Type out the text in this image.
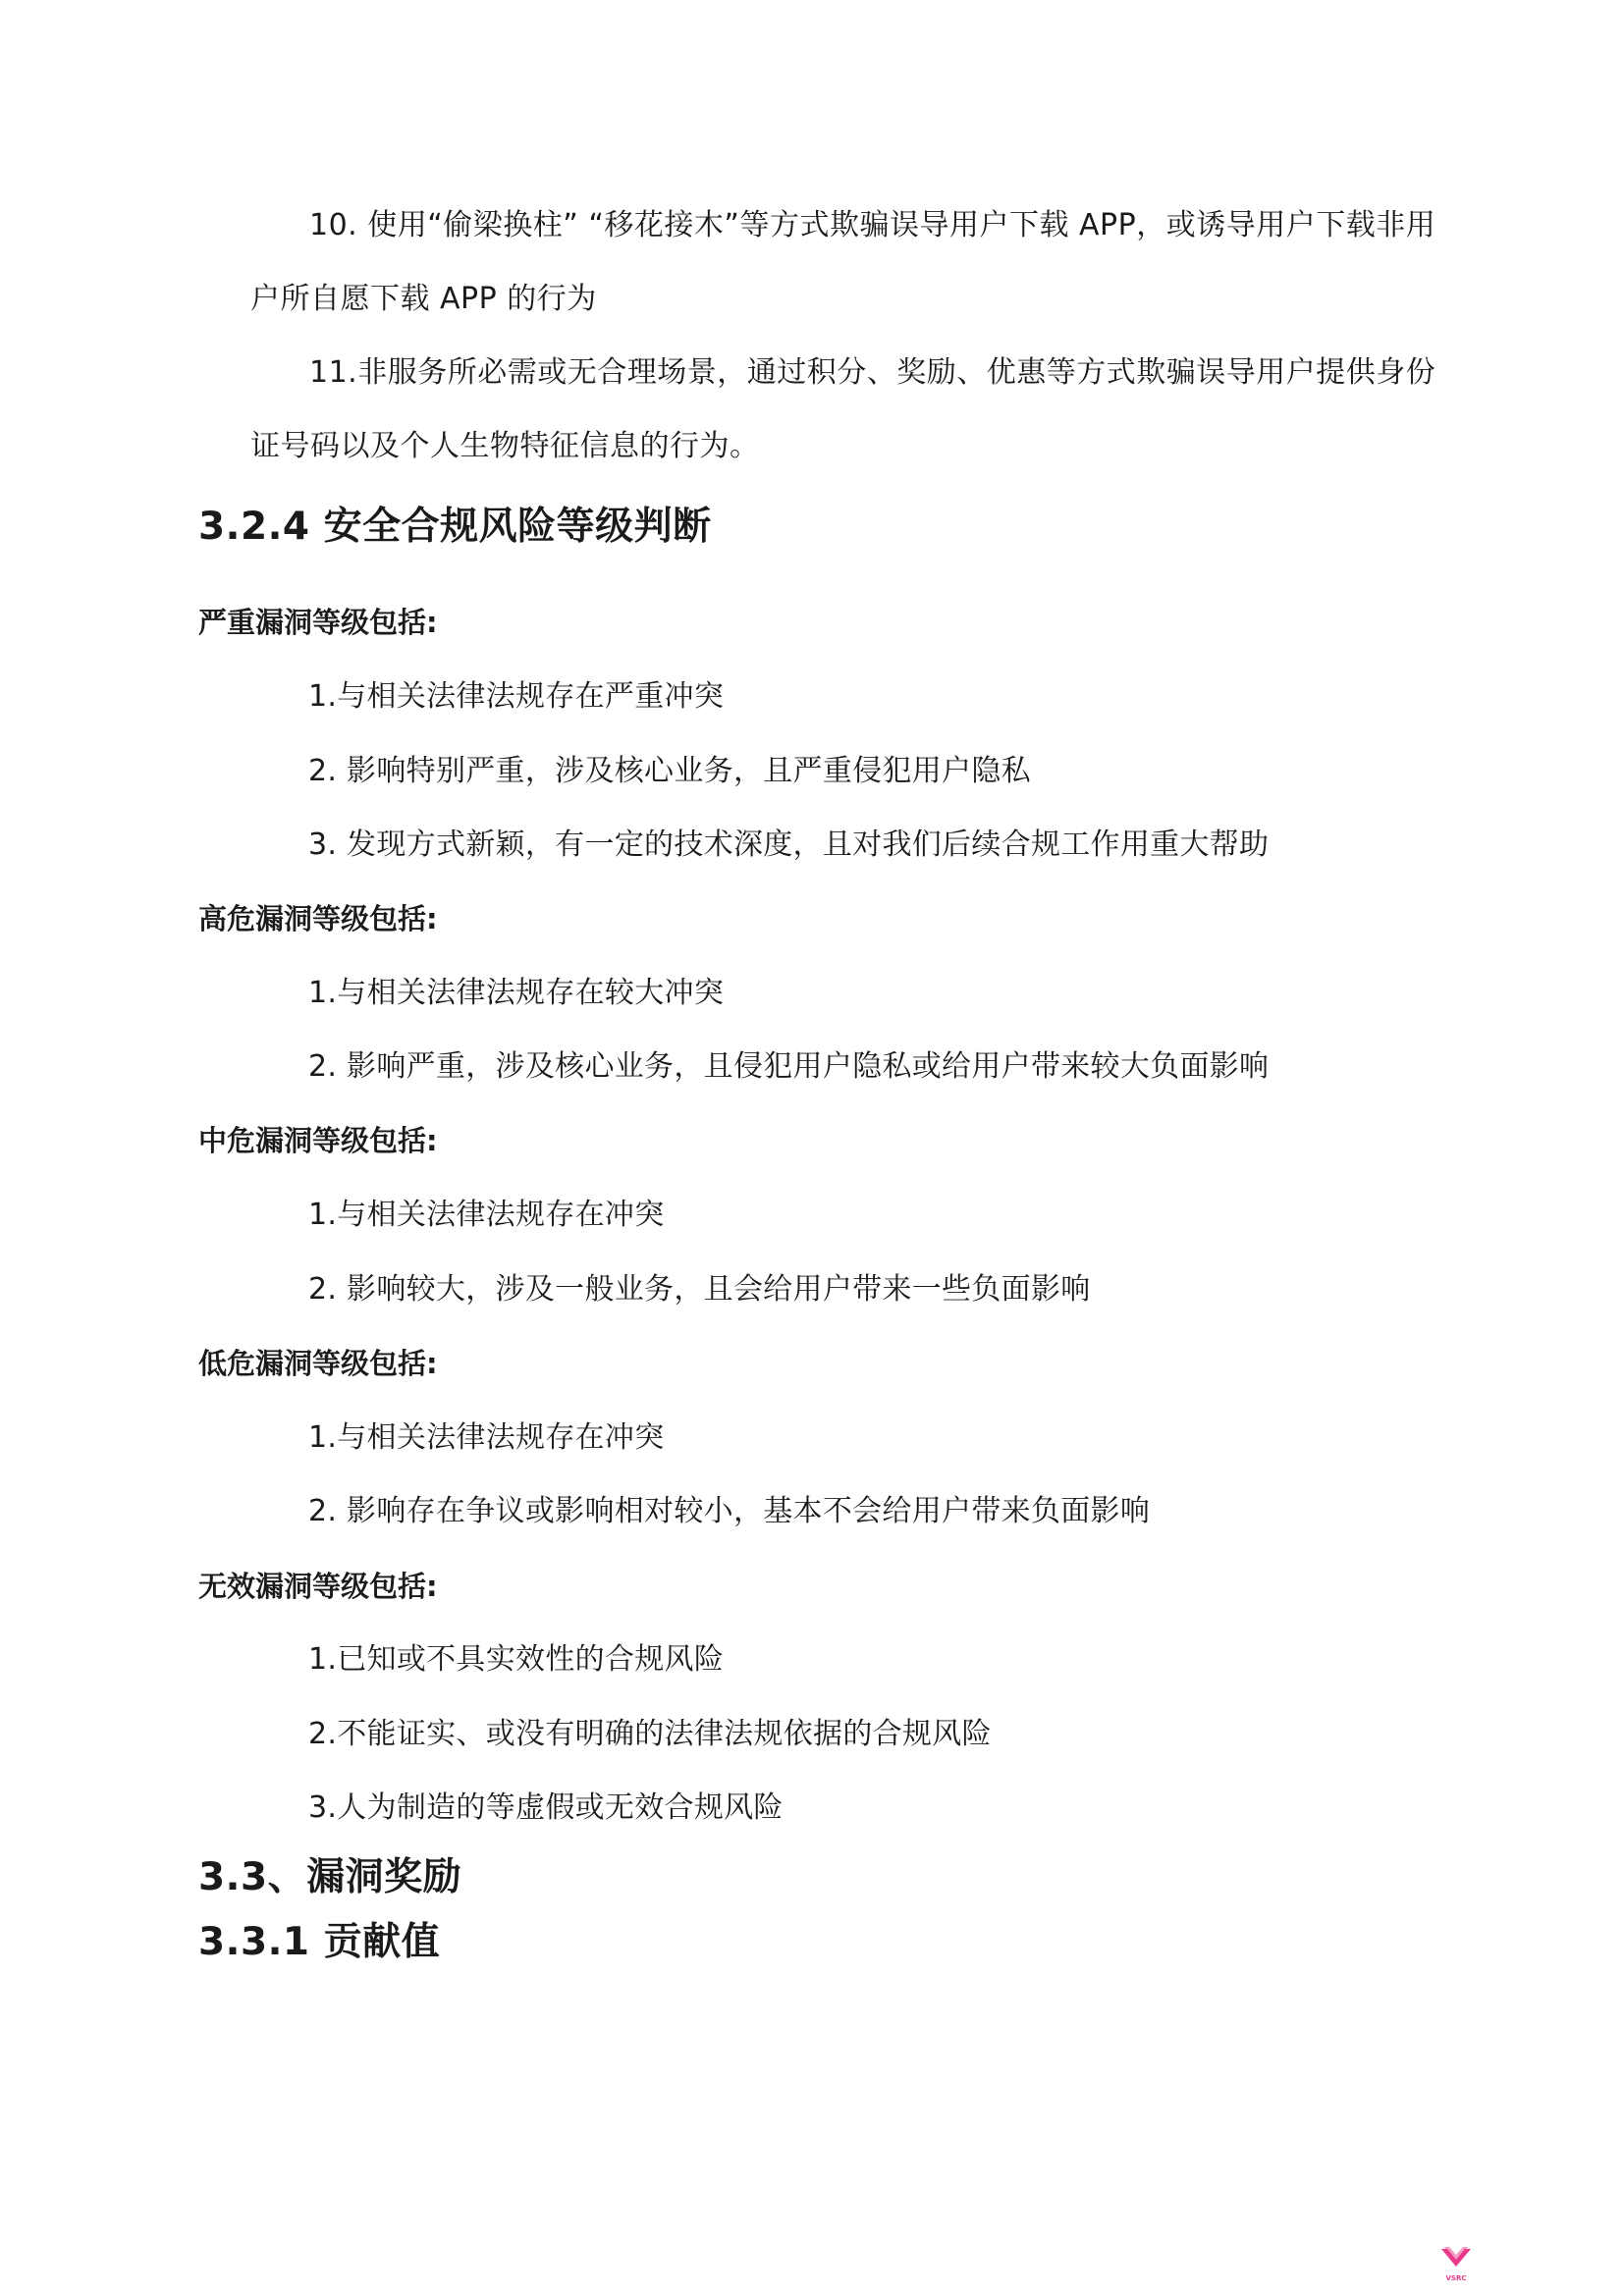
10. 使用“偷梁换柱” “移花接木”等方式欺骗误导用户下载 APP，或诱导用户下载非用户所自愿下载 APP 的行为

11.非服务所必需或无合理场景，通过积分、奖励、优惠等方式欺骗误导用户提供身份证号码以及个人生物特征信息的行为。

3.2.4 安全合规风险等级判断

严重漏洞等级包括:

1.与相关法律法规存在严重冲突

2. 影响特别严重，涉及核心业务，且严重侵犯用户隐私

3. 发现方式新颖，有一定的技术深度，且对我们后续合规工作用重大帮助

高危漏洞等级包括:

1.与相关法律法规存在较大冲突

2. 影响严重，涉及核心业务，且侵犯用户隐私或给用户带来较大负面影响

中危漏洞等级包括:

1.与相关法律法规存在冲突

2. 影响较大，涉及一般业务，且会给用户带来一些负面影响

低危漏洞等级包括:

1.与相关法律法规存在冲突

2. 影响存在争议或影响相对较小，基本不会给用户带来负面影响

无效漏洞等级包括:

1.已知或不具实效性的合规风险

2.不能证实、或没有明确的法律法规依据的合规风险

3.人为制造的等虚假或无效合规风险

3.3、漏洞奖励
3.3.1 贡献值
VSRC
